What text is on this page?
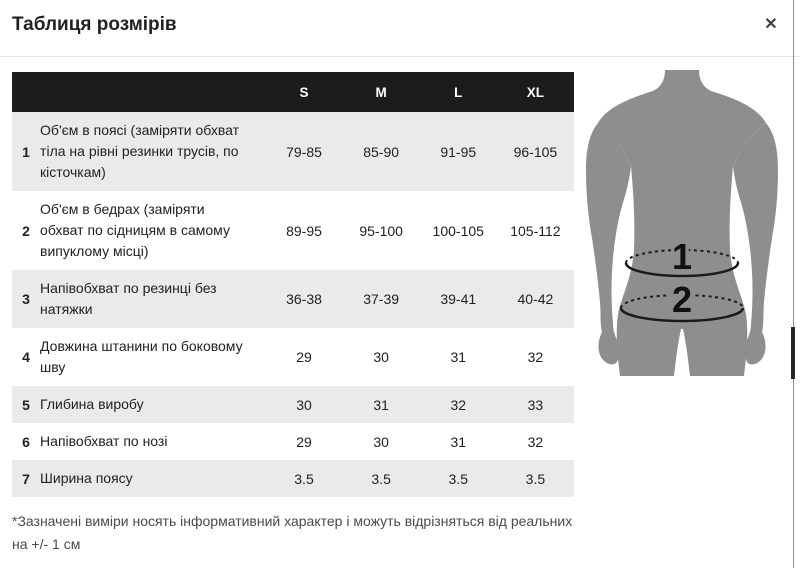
Таблиця розмірів	✕
		S	M	L	XL
1	Об'єм в поясі (заміряти обхват тіла на рівні резинки трусів, по кісточкам)	79-85	85-90	91-95	96-105
2	Об'єм в бедрах (заміряти обхват по сідницям в самому випуклому місці)	89-95	95-100	100-105	105-112
3	Напівобхват по резинці без натяжки	36-38	37-39	39-41	40-42
4	Довжина штанини по боковому шву	29	30	31	32
5	Глибина виробу	30	31	32	33
6	Напівобхват по нозі	29	30	31	32
7	Ширина поясу	3.5	3.5	3.5	3.5
*Зазначені виміри носять інформативний характер і можуть відрізняться від реальних на +/- 1 см
1
2
